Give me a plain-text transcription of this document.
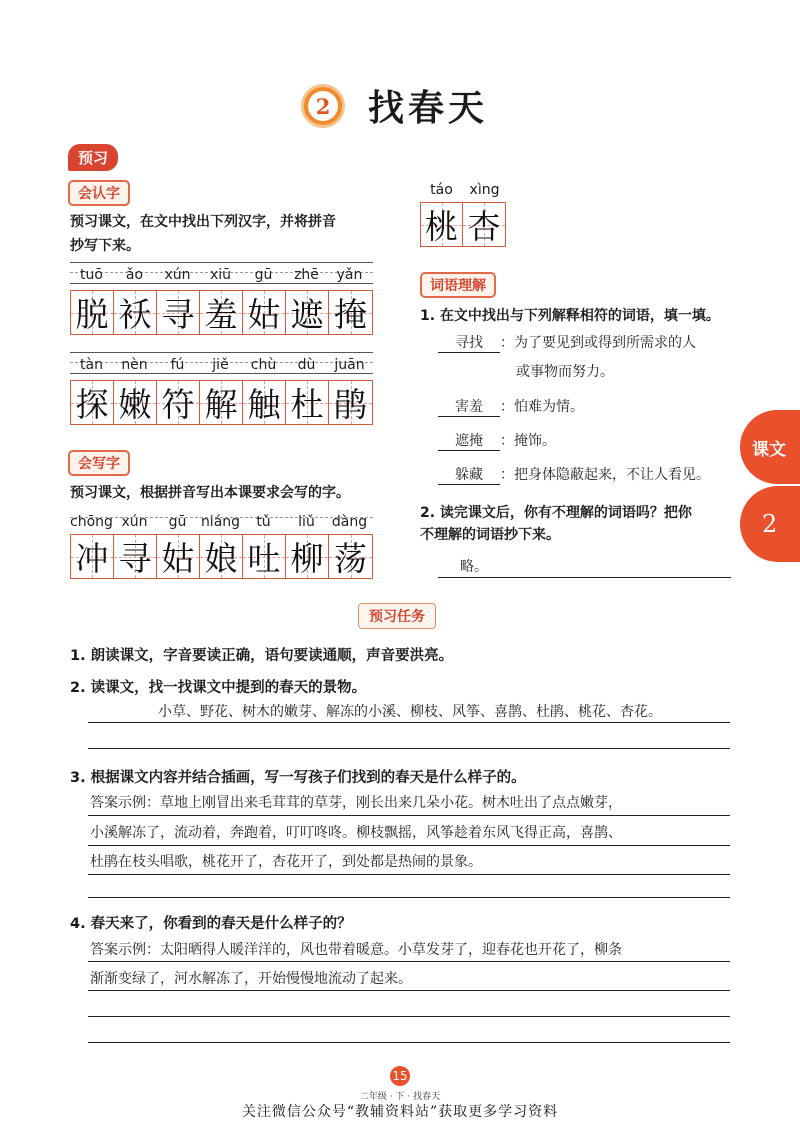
2 找春天
预习
会认字
预习课文，在文中找出下列汉字，并将拼音
抄写下来。
tuō	ǎo	xún	xiū	gū	zhē	yǎn
脱 袄 寻 羞 姑 遮 掩
tàn	nèn	fú	jiě	chù	dù	juān
探 嫩 符 解 触 杜 鹃
会写字
预习课文，根据拼音写出本课要求会写的字。
chōng xún	gū	niáng	tǔ	liǔ	dàng
冲 寻 姑 娘 吐 柳 荡
táo	xìng
桃 杏
词语理解
1. 在文中找出与下列解释相符的词语，填一填。
寻找	：为了要见到或得到所需求的人
或事物而努力。
害羞	：怕难为情。
遮掩	：掩饰。
躲藏	：把身体隐蔽起来，不让人看见。
2. 读完课文后，你有不理解的词语吗？把你
不理解的词语抄下来。
略。
课文
2
预习任务
1. 朗读课文，字音要读正确，语句要读通顺，声音要洪亮。
2. 读课文，找一找课文中提到的春天的景物。
小草、野花、树木的嫩芽、解冻的小溪、柳枝、风筝、喜鹊、杜鹃、桃花、杏花。
3. 根据课文内容并结合插画，写一写孩子们找到的春天是什么样子的。
答案示例：草地上刚冒出来毛茸茸的草芽，刚长出来几朵小花。树木吐出了点点嫩芽，
小溪解冻了，流动着，奔跑着，叮叮咚咚。柳枝飘摇，风筝趁着东风飞得正高，喜鹊、
杜鹃在枝头唱歌，桃花开了，杏花开了，到处都是热闹的景象。
4. 春天来了，你看到的春天是什么样子的？
答案示例：太阳晒得人暖洋洋的，风也带着暖意。小草发芽了，迎春花也开花了，柳条
渐渐变绿了，河水解冻了，开始慢慢地流动了起来。
15
二年级 · 下 · 找春天
关注微信公众号“教辅资料站”获取更多学习资料
